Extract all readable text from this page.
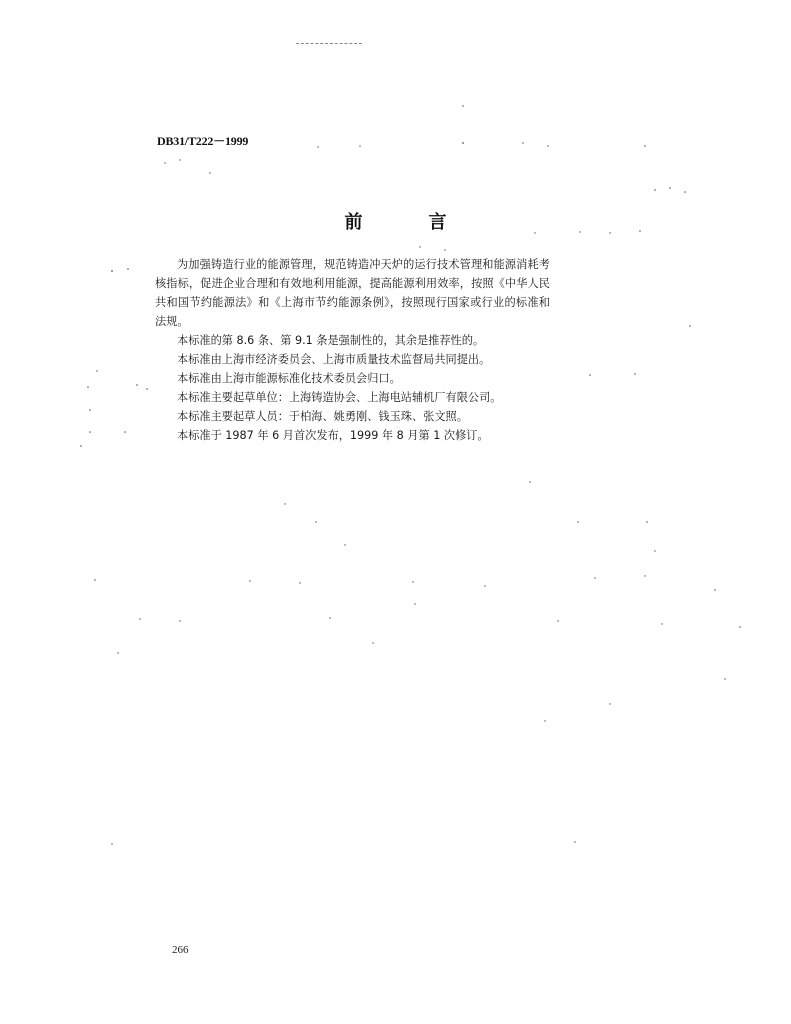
DB31/T222－1999
前	言

为加强铸造行业的能源管理，规范铸造冲天炉的运行技术管理和能源消耗考核指标，促进企业合理和有效地利用能源，提高能源利用效率，按照《中华人民共和国节约能源法》和《上海市节约能源条例》，按照现行国家或行业的标准和法规。

本标准的第 8.6 条、第 9.1 条是强制性的，其余是推荐性的。

本标准由上海市经济委员会、上海市质量技术监督局共同提出。

本标准由上海市能源标准化技术委员会归口。

本标准主要起草单位：上海铸造协会、上海电站辅机厂有限公司。

本标准主要起草人员：于柏海、姚勇刚、钱玉珠、张文照。

本标准于 1987 年 6 月首次发布，1999 年 8 月第 1 次修订。

266
